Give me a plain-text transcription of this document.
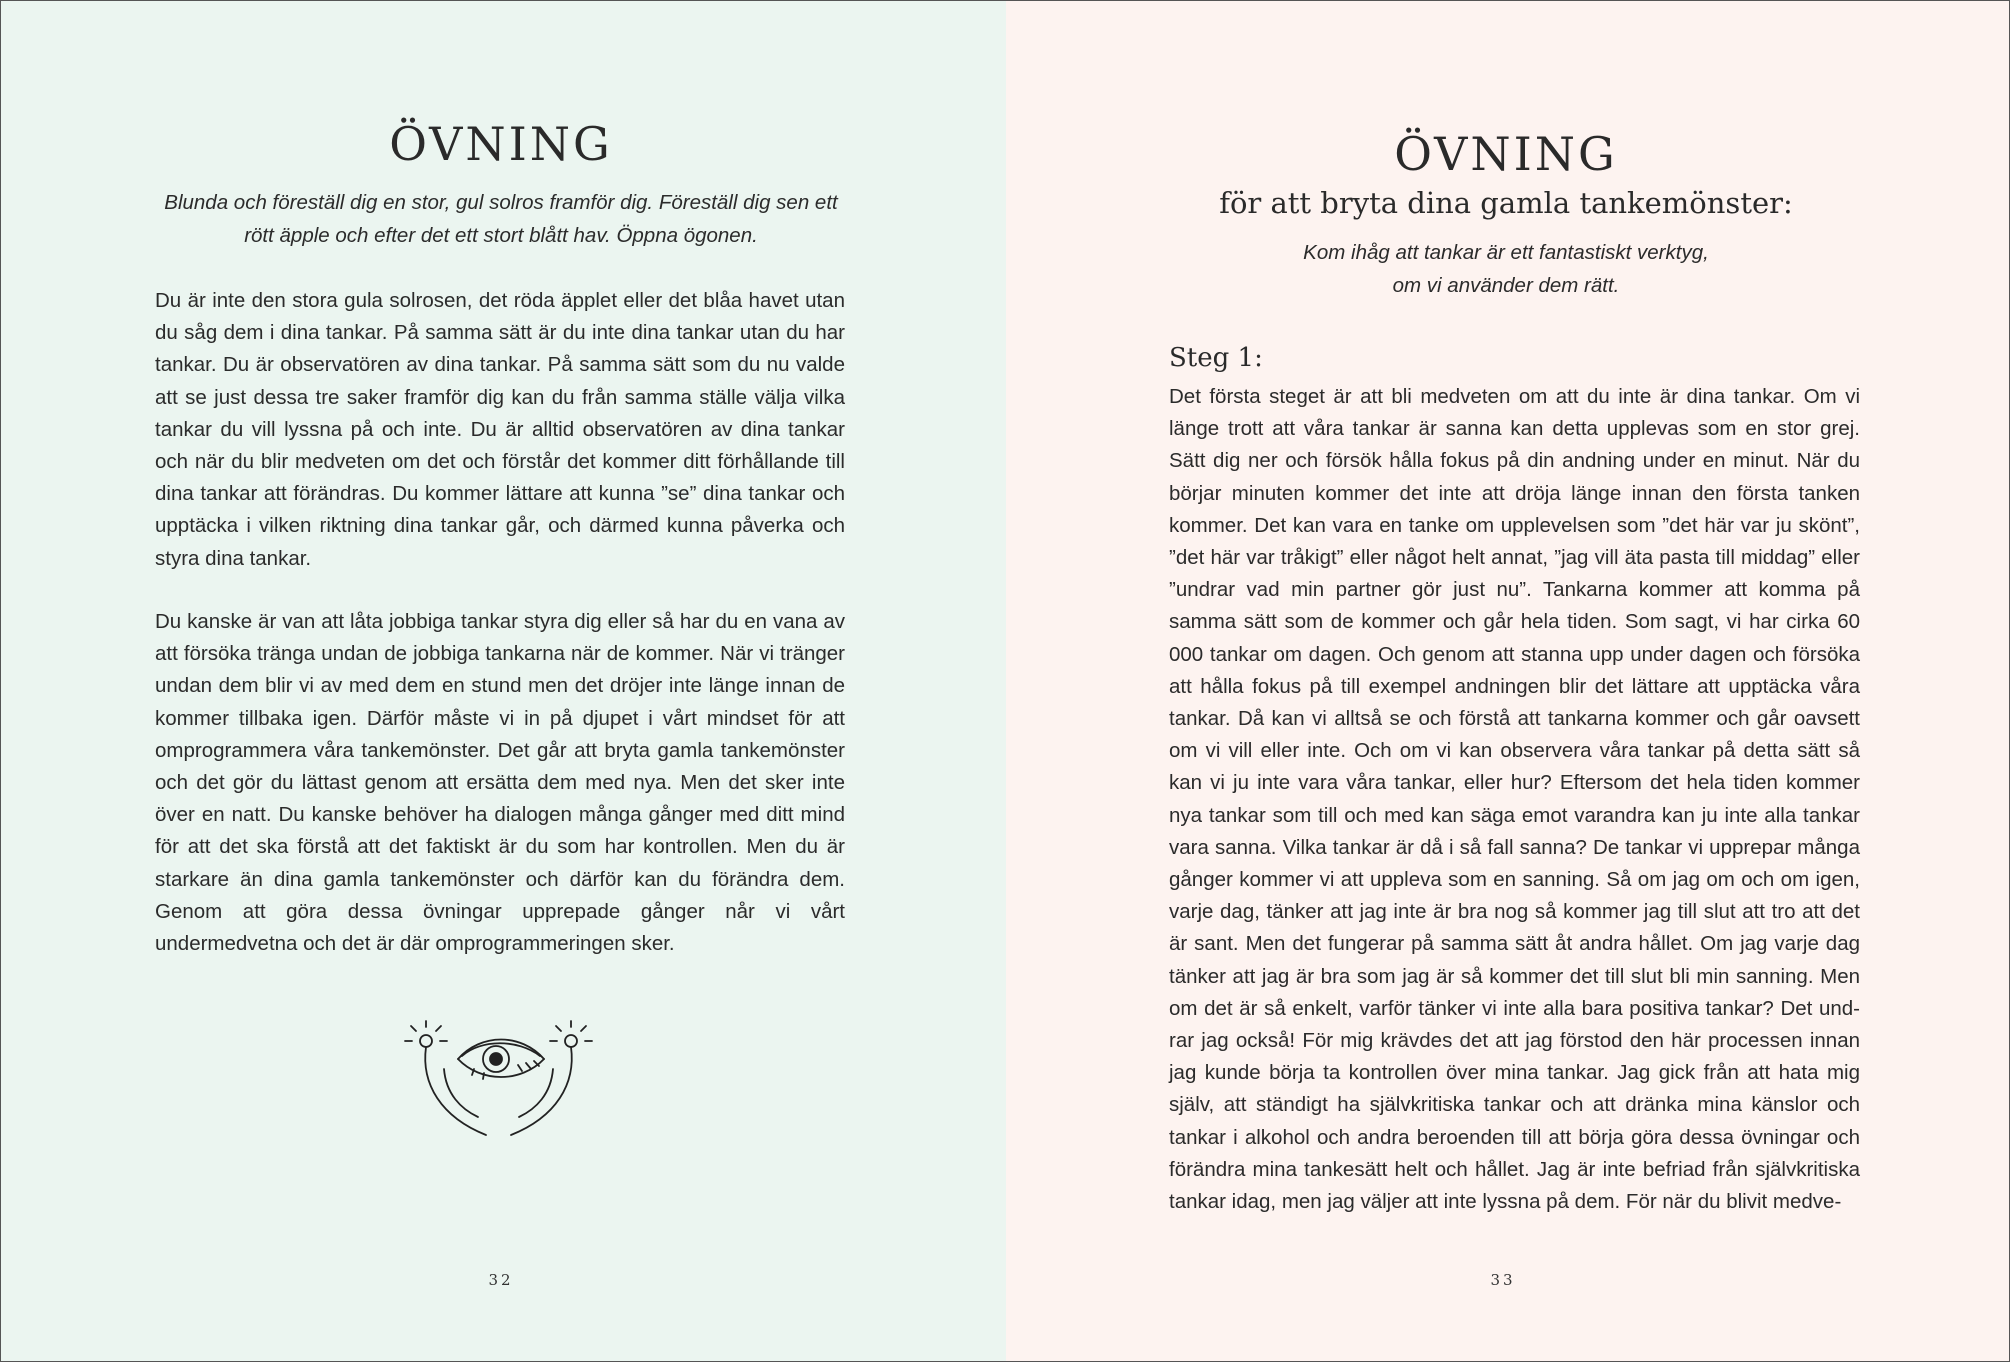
ÖVNING

Blunda och föreställ dig en stor, gul solros framför dig. Föreställ dig sen ett rött äpple och efter det ett stort blått hav. Öppna ögonen.

Du är inte den stora gula solrosen, det röda äpplet eller det blåa havet utan du såg dem i dina tankar. På samma sätt är du inte dina tankar utan du har tankar. Du är observatören av dina tankar. På samma sätt som du nu valde att se just dessa tre saker framför dig kan du från samma ställe välja vilka tankar du vill lyssna på och inte. Du är alltid observatören av dina tankar och när du blir medveten om det och förstår det kommer ditt förhållande till dina tankar att förändras. Du kommer lättare att kunna ”se” dina tankar och upptäcka i vilken riktning dina tankar går, och därmed kunna påverka och styra dina tankar.

Du kanske är van att låta jobbiga tankar styra dig eller så har du en vana av att försöka tränga undan de jobbiga tankarna när de kommer. När vi tränger undan dem blir vi av med dem en stund men det dröjer inte länge innan de kommer tillbaka igen. Därför måste vi in på djupet i vårt mindset för att omprogrammera våra tankemönster. Det går att bryta gamla tankemönster och det gör du lättast genom att ersätta dem med nya. Men det sker inte över en natt. Du kanske behöver ha dialogen många gånger med ditt mind för att det ska förstå att det faktiskt är du som har kontrollen. Men du är starkare än dina gamla tankemönster och därför kan du förändra dem. Genom att göra dessa övningar upprepade gånger når vi vårt undermedvetna och det är där omprogrammeringen sker.

32

ÖVNING
för att bryta dina gamla tankemönster:

Kom ihåg att tankar är ett fantastiskt verktyg, om vi använder dem rätt.

Steg 1:

Det första steget är att bli medveten om att du inte är dina tankar. Om vi länge trott att våra tankar är sanna kan detta upplevas som en stor grej. Sätt dig ner och försök hålla fokus på din andning under en minut. När du börjar minuten kommer det inte att dröja länge innan den första tanken kommer. Det kan vara en tanke om upplevelsen som ”det här var ju skönt”, ”det här var tråkigt” eller något helt annat, ”jag vill äta pasta till middag” eller ”undrar vad min partner gör just nu”. Tankarna kommer att komma på samma sätt som de kommer och går hela tiden. Som sagt, vi har cirka 60 000 tankar om dagen. Och genom att stanna upp under dagen och försöka att hålla fokus på till exempel andningen blir det lättare att upptäcka våra tankar. Då kan vi alltså se och förstå att tankarna kommer och går oavsett om vi vill eller inte. Och om vi kan observera våra tankar på detta sätt så kan vi ju inte vara våra tankar, eller hur? Eftersom det hela tiden kommer nya tankar som till och med kan säga emot varandra kan ju inte alla tankar vara sanna. Vilka tankar är då i så fall sanna? De tankar vi upprepar många gånger kommer vi att uppleva som en sanning. Så om jag om och om igen, varje dag, tänker att jag inte är bra nog så kommer jag till slut att tro att det är sant. Men det fungerar på samma sätt åt andra hållet. Om jag varje dag tänker att jag är bra som jag är så kommer det till slut bli min sanning. Men om det är så enkelt, varför tänker vi inte alla bara positiva tankar? Det undrar jag också! För mig krävdes det att jag förstod den här processen innan jag kunde börja ta kontrollen över mina tankar. Jag gick från att hata mig själv, att ständigt ha självkritiska tankar och att dränka mina känslor och tankar i alkohol och andra beroenden till att börja göra dessa övningar och förändra mina tankesätt helt och hållet. Jag är inte befriad från självkritiska tankar idag, men jag väljer att inte lyssna på dem. För när du blivit medve-

33
